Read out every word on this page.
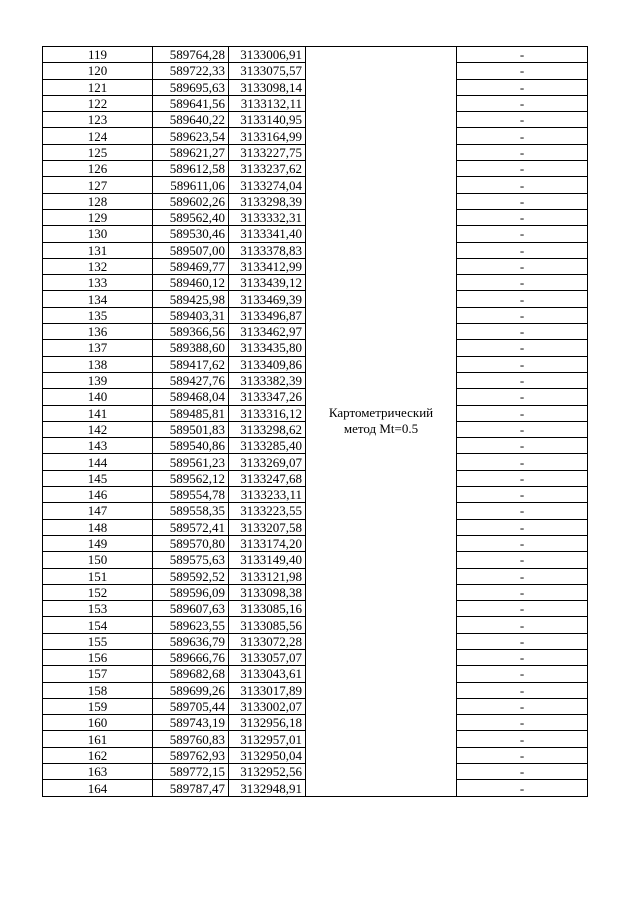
119	589764,28	3133006,91	Картометрический
метод Mt=0.5	-
120	589722,33	3133075,57		-
121	589695,63	3133098,14		-
122	589641,56	3133132,11		-
123	589640,22	3133140,95		-
124	589623,54	3133164,99		-
125	589621,27	3133227,75		-
126	589612,58	3133237,62		-
127	589611,06	3133274,04		-
128	589602,26	3133298,39		-
129	589562,40	3133332,31		-
130	589530,46	3133341,40		-
131	589507,00	3133378,83		-
132	589469,77	3133412,99		-
133	589460,12	3133439,12		-
134	589425,98	3133469,39		-
135	589403,31	3133496,87		-
136	589366,56	3133462,97		-
137	589388,60	3133435,80		-
138	589417,62	3133409,86		-
139	589427,76	3133382,39		-
140	589468,04	3133347,26		-
141	589485,81	3133316,12		-
142	589501,83	3133298,62		-
143	589540,86	3133285,40		-
144	589561,23	3133269,07		-
145	589562,12	3133247,68		-
146	589554,78	3133233,11		-
147	589558,35	3133223,55		-
148	589572,41	3133207,58		-
149	589570,80	3133174,20		-
150	589575,63	3133149,40		-
151	589592,52	3133121,98		-
152	589596,09	3133098,38		-
153	589607,63	3133085,16		-
154	589623,55	3133085,56		-
155	589636,79	3133072,28		-
156	589666,76	3133057,07		-
157	589682,68	3133043,61		-
158	589699,26	3133017,89		-
159	589705,44	3133002,07		-
160	589743,19	3132956,18		-
161	589760,83	3132957,01		-
162	589762,93	3132950,04		-
163	589772,15	3132952,56		-
164	589787,47	3132948,91		-
